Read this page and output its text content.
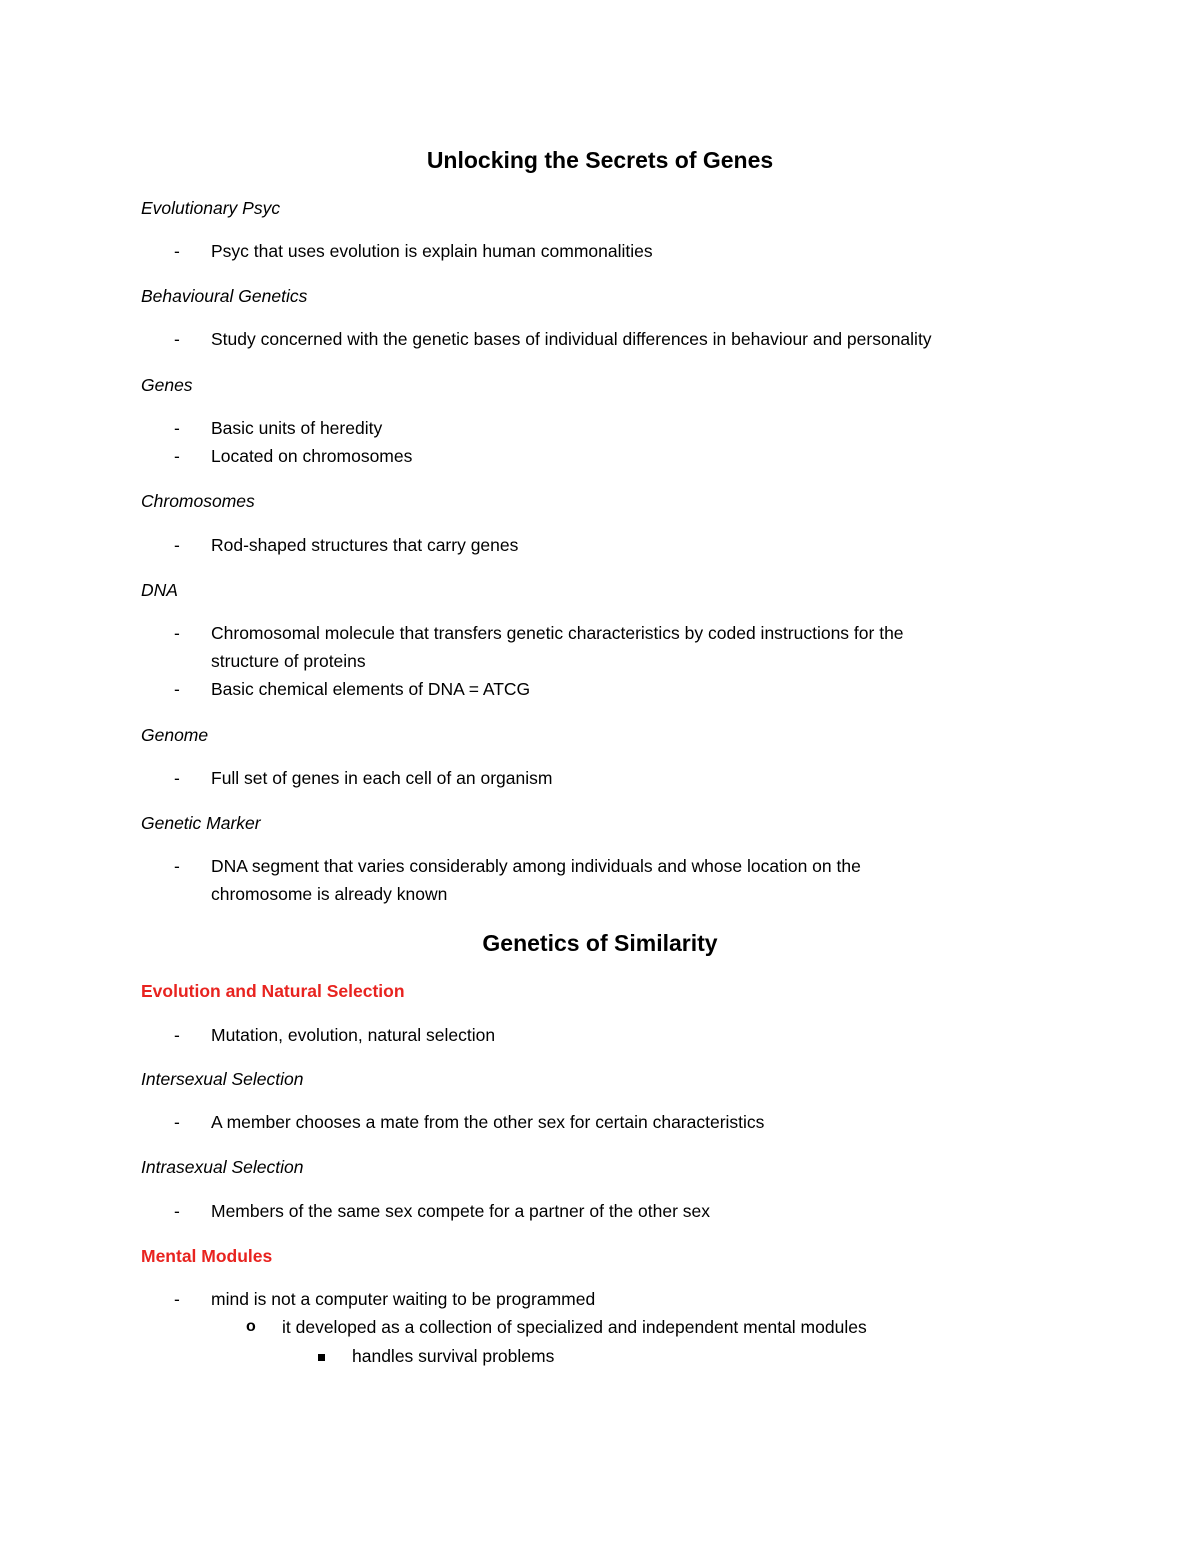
Unlocking the Secrets of Genes
Evolutionary Psyc
- Psyc that uses evolution is explain human commonalities
Behavioural Genetics
- Study concerned with the genetic bases of individual differences in behaviour and personality
Genes
- Basic units of heredity
- Located on chromosomes
Chromosomes
- Rod-shaped structures that carry genes
DNA
- Chromosomal molecule that transfers genetic characteristics by coded instructions for the
structure of proteins
- Basic chemical elements of DNA = ATCG
Genome
- Full set of genes in each cell of an organism
Genetic Marker
- DNA segment that varies considerably among individuals and whose location on the
chromosome is already known
Genetics of Similarity
Evolution and Natural Selection
- Mutation, evolution, natural selection
Intersexual Selection
- A member chooses a mate from the other sex for certain characteristics
Intrasexual Selection
- Members of the same sex compete for a partner of the other sex
Mental Modules
- mind is not a computer waiting to be programmed
o it developed as a collection of specialized and independent mental modules
handles survival problems
